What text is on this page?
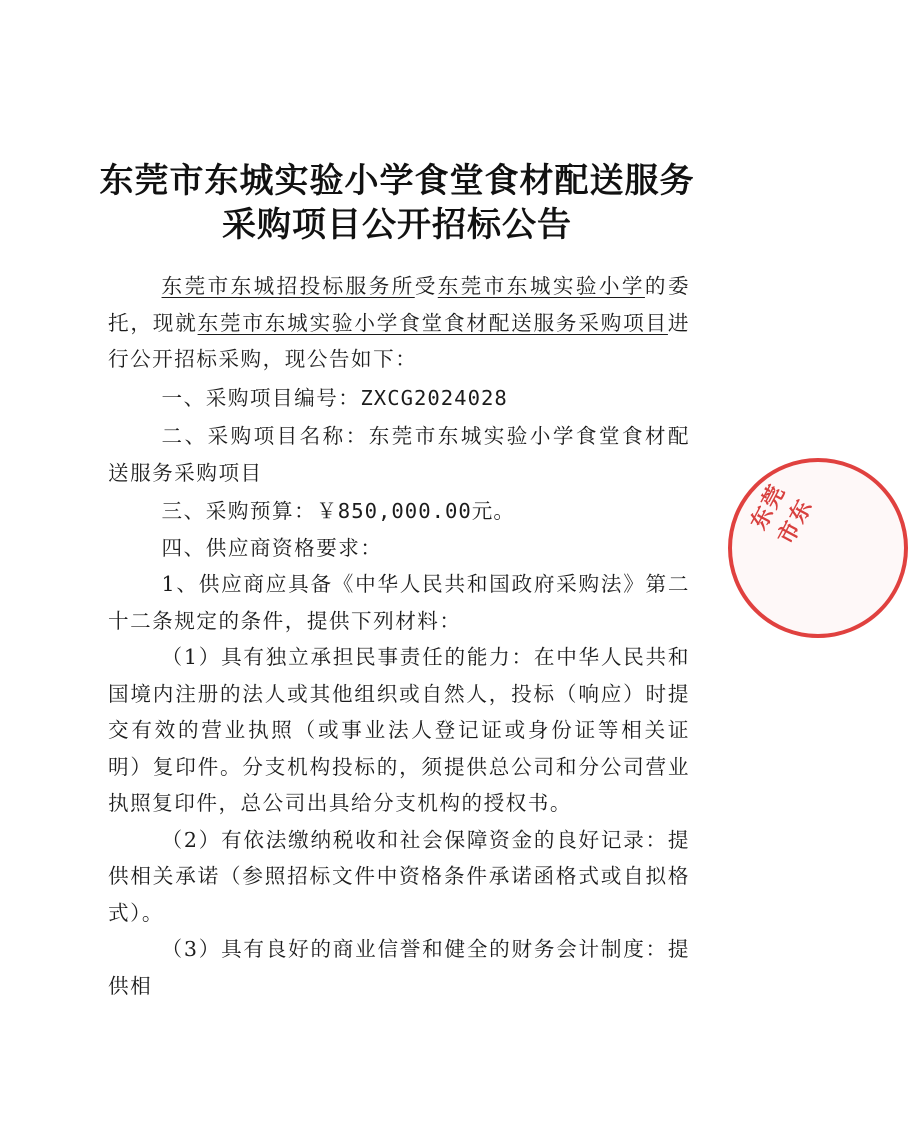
东莞市东城实验小学食堂食材配送服务
采购项目公开招标公告

东莞市东城招投标服务所受东莞市东城实验小学的委托，现就东莞市东城实验小学食堂食材配送服务采购项目进行公开招标采购，现公告如下：

一、采购项目编号：ZXCG2024028

二、采购项目名称：东莞市东城实验小学食堂食材配送服务采购项目

三、采购预算：￥850,000.00元。

四、供应商资格要求：

1、供应商应具备《中华人民共和国政府采购法》第二十二条规定的条件，提供下列材料：

（1）具有独立承担民事责任的能力：在中华人民共和国境内注册的法人或其他组织或自然人，投标（响应）时提交有效的营业执照（或事业法人登记证或身份证等相关证明）复印件。分支机构投标的，须提供总公司和分公司营业执照复印件，总公司出具给分支机构的授权书。

（2）有依法缴纳税收和社会保障资金的良好记录：提供相关承诺（参照招标文件中资格条件承诺函格式或自拟格式）。

（3）具有良好的商业信誉和健全的财务会计制度：提供相

东莞市东
